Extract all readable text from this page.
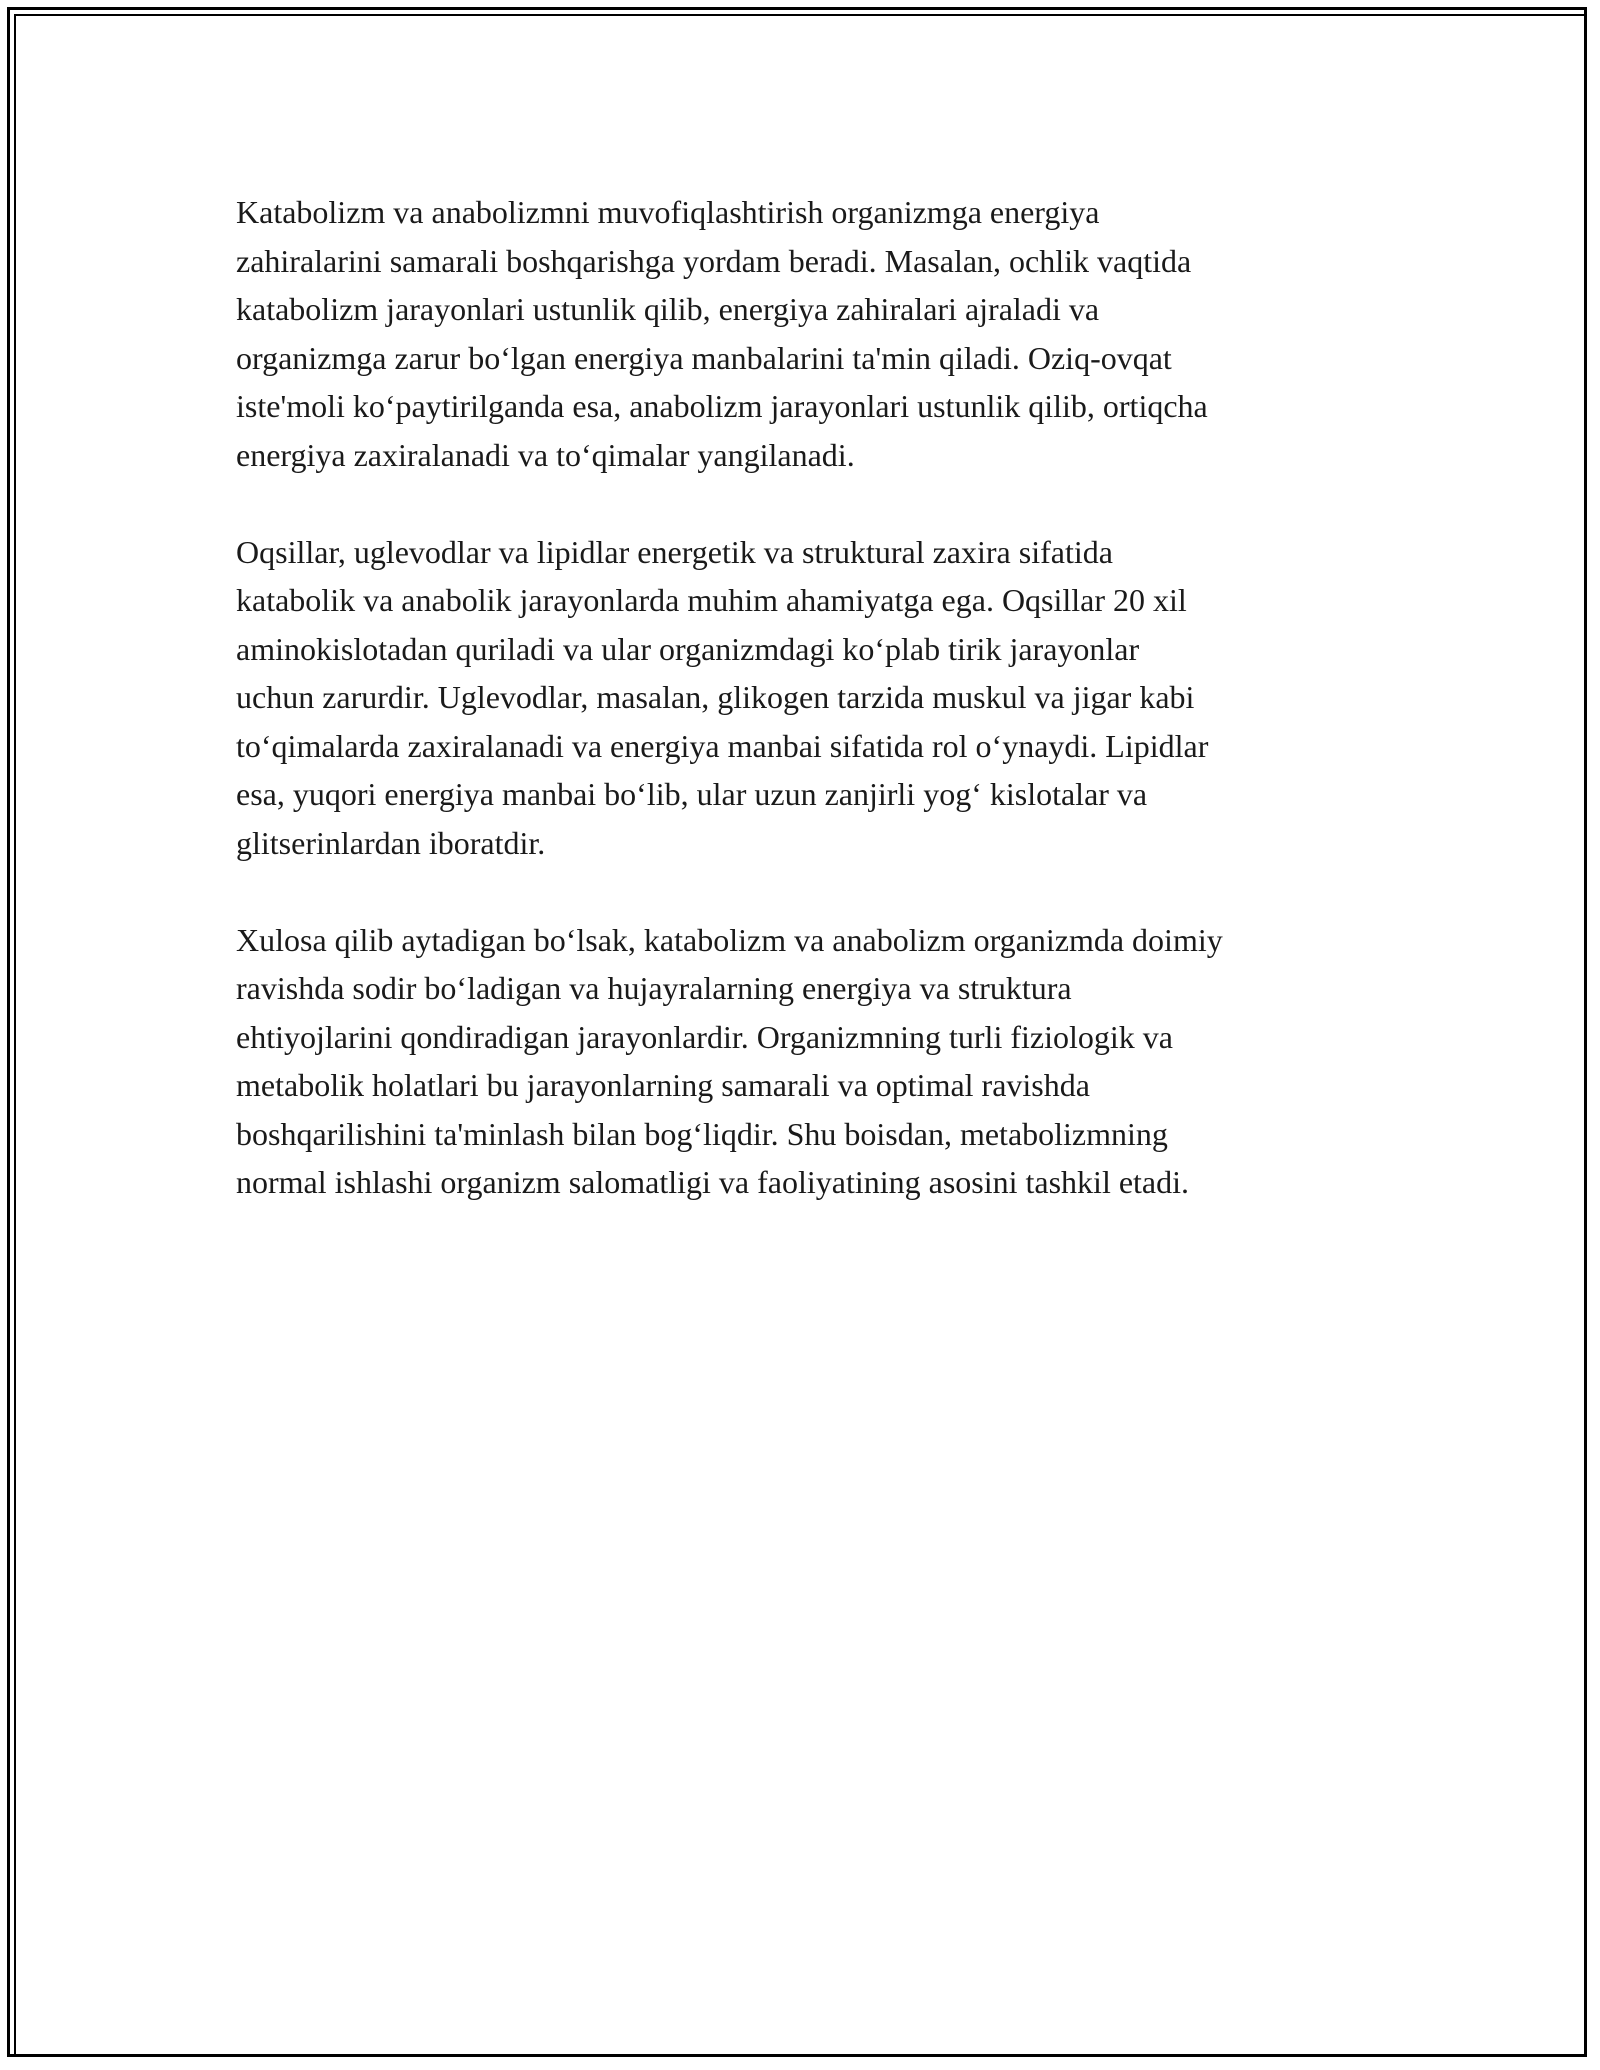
Katabolizm va anabolizmni muvofiqlashtirish organizmga energiya
zahiralarini samarali boshqarishga yordam beradi. Masalan, ochlik vaqtida
katabolizm jarayonlari ustunlik qilib, energiya zahiralari ajraladi va
organizmga zarur bo‘lgan energiya manbalarini ta'min qiladi. Oziq-ovqat
iste'moli ko‘paytirilganda esa, anabolizm jarayonlari ustunlik qilib, ortiqcha
energiya zaxiralanadi va to‘qimalar yangilanadi.

Oqsillar, uglevodlar va lipidlar energetik va struktural zaxira sifatida
katabolik va anabolik jarayonlarda muhim ahamiyatga ega. Oqsillar 20 xil
aminokislotadan quriladi va ular organizmdagi ko‘plab tirik jarayonlar
uchun zarurdir. Uglevodlar, masalan, glikogen tarzida muskul va jigar kabi
to‘qimalarda zaxiralanadi va energiya manbai sifatida rol o‘ynaydi. Lipidlar
esa, yuqori energiya manbai bo‘lib, ular uzun zanjirli yog‘ kislotalar va
glitserinlardan iboratdir.

Xulosa qilib aytadigan bo‘lsak, katabolizm va anabolizm organizmda doimiy
ravishda sodir bo‘ladigan va hujayralarning energiya va struktura
ehtiyojlarini qondiradigan jarayonlardir. Organizmning turli fiziologik va
metabolik holatlari bu jarayonlarning samarali va optimal ravishda
boshqarilishini ta'minlash bilan bog‘liqdir. Shu boisdan, metabolizmning
normal ishlashi organizm salomatligi va faoliyatining asosini tashkil etadi.
